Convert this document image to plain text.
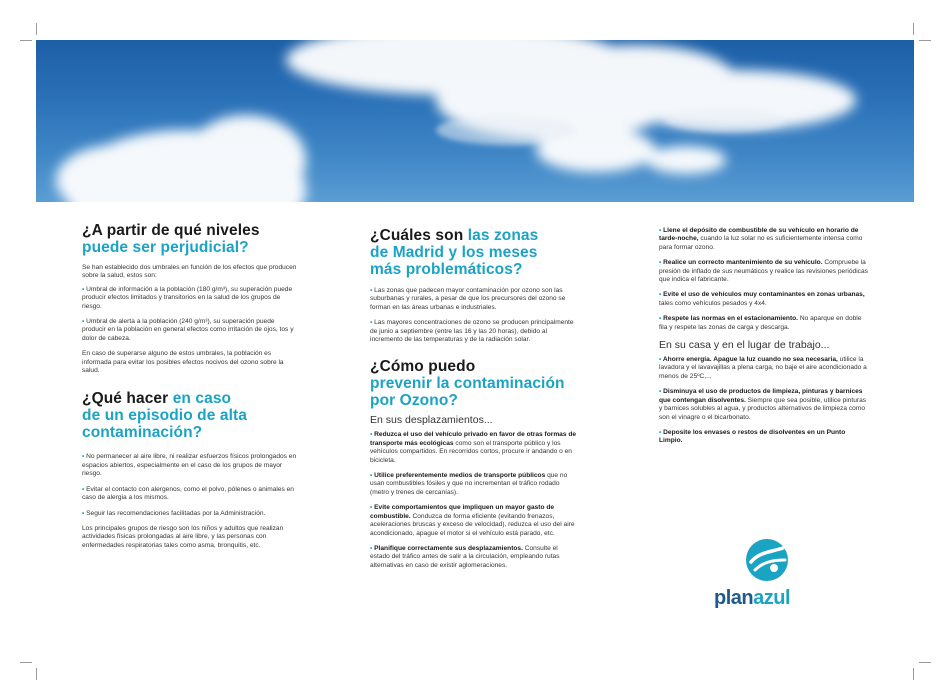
¿A partir de qué niveles
puede ser perjudicial?

Se han establecido dos umbrales en función de los efectos que producen sobre la salud, estos son:

• Umbral de información a la población (180 g/m³), su superación puede producir efectos limitados y transitorios en la salud de los grupos de riesgo.
• Umbral de alerta a la población (240 g/m³), su superación puede producir en la población en general efectos como irritación de ojos, tos y dolor de cabeza.

En caso de superarse alguno de estos umbrales, la población es informada para evitar los posibles efectos nocivos del ozono sobre la salud.

¿Qué hacer en caso
de un episodio de alta
contaminación?
• No permanecer al aire libre, ni realizar esfuerzos físicos prolongados en espacios abiertos, especialmente en el caso de los grupos de mayor riesgo.
• Evitar el contacto con alergenos, como el polvo, pólenes o animales en caso de alergia a los mismos.
• Seguir las recomendaciones facilitadas por la Administración.

Los principales grupos de riesgo son los niños y adultos que realizan actividades físicas prolongadas al aire libre, y las personas con enfermedades respiratorias tales como asma, bronquitis, etc.

¿Cuáles son las zonas
de Madrid y los meses
más problemáticos?
• Las zonas que padecen mayor contaminación por ozono son las suburbanas y rurales, a pesar de que los precursores del ozono se forman en las áreas urbanas e industriales.
• Las mayores concentraciones de ozono se producen principalmente de junio a septiembre (entre las 16 y las 20 horas), debido al incremento de las temperaturas y de la radiación solar.
¿Cómo puedo
prevenir la contaminación
por Ozono?
En sus desplazamientos...
• Reduzca el uso del vehículo privado en favor de otras formas de transporte más ecológicas como son el transporte público y los vehículos compartidos. En recorridos cortos, procure ir andando o en bicicleta.
• Utilice preferentemente medios de transporte públicos que no usan combustibles fósiles y que no incrementan el tráfico rodado (metro y trenes de cercanías).
• Evite comportamientos que impliquen un mayor gasto de combustible. Conduzca de forma eficiente (evitando frenazos, aceleraciones bruscas y exceso de velocidad), reduzca el uso del aire acondicionado, apague el motor si el vehículo está parado, etc.
• Planifique correctamente sus desplazamientos. Consulte el estado del tráfico antes de salir a la circulación, empleando rutas alternativas en caso de existir aglomeraciones.
• Llene el depósito de combustible de su vehículo en horario de tarde-noche, cuando la luz solar no es suficientemente intensa como para formar ozono.
• Realice un correcto mantenimiento de su vehículo. Compruebe la presión de inflado de sus neumáticos y realice las revisiones periódicas que indica el fabricante.
• Evite el uso de vehículos muy contaminantes en zonas urbanas, tales como vehículos pesados y 4x4.
• Respete las normas en el estacionamiento. No aparque en doble fila y respete las zonas de carga y descarga.
En su casa y en el lugar de trabajo...
• Ahorre energía. Apague la luz cuando no sea necesaria, utilice la lavadora y el lavavajillas a plena carga, no baje el aire acondicionado a menos de 25ºC,...
• Disminuya el uso de productos de limpieza, pinturas y barnices que contengan disolventes. Siempre que sea posible, utilice pinturas y barnices solubles al agua, y productos alternativos de limpieza como son el vinagre o el bicarbonato.
• Deposite los envases o restos de disolventes en un Punto Limpio.
planazul
